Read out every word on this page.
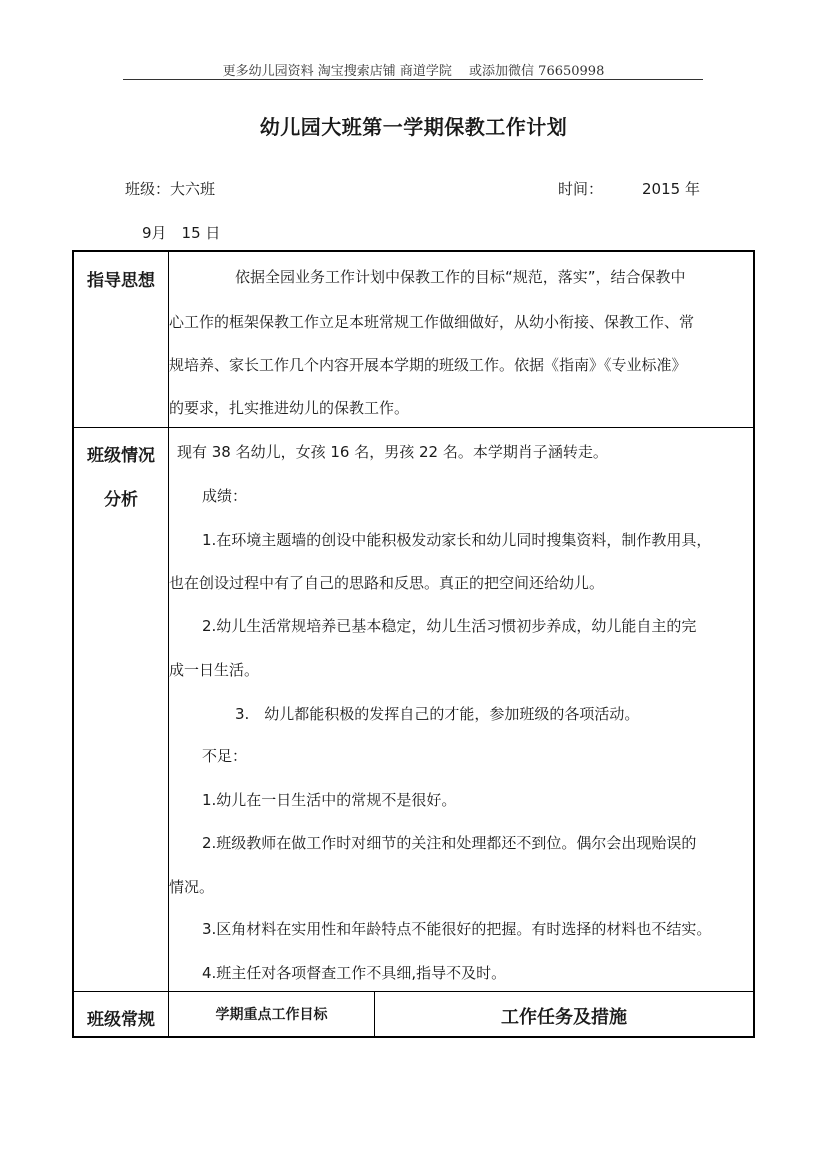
更多幼儿园资料 淘宝搜索店铺 商道学院　 或添加微信 76650998
幼儿园大班第一学期保教工作计划
班级：大六班	时间：	2015 年
9月　15 日
指导思想	依据全园业务工作计划中保教工作的目标“规范，落实”，结合保教中
心工作的框架保教工作立足本班常规工作做细做好，从幼小衔接、保教工作、常
规培养、家长工作几个内容开展本学期的班级工作。依据《指南》《专业标准》
的要求，扎实推进幼儿的保教工作。
班级情况
分析
现有 38 名幼儿，女孩 16 名，男孩 22 名。本学期肖子涵转走。
成绩：
1.在环境主题墙的创设中能积极发动家长和幼儿同时搜集资料，制作教用具，
也在创设过程中有了自己的思路和反思。真正的把空间还给幼儿。
2.幼儿生活常规培养已基本稳定，幼儿生活习惯初步养成，幼儿能自主的完
成一日生活。
3.　幼儿都能积极的发挥自己的才能，参加班级的各项活动。
不足：
1.幼儿在一日生活中的常规不是很好。
2.班级教师在做工作时对细节的关注和处理都还不到位。偶尔会出现贻误的
情况。
3.区角材料在实用性和年龄特点不能很好的把握。有时选择的材料也不结实。
4.班主任对各项督查工作不具细,指导不及时。
班级常规	学期重点工作目标	工作任务及措施
